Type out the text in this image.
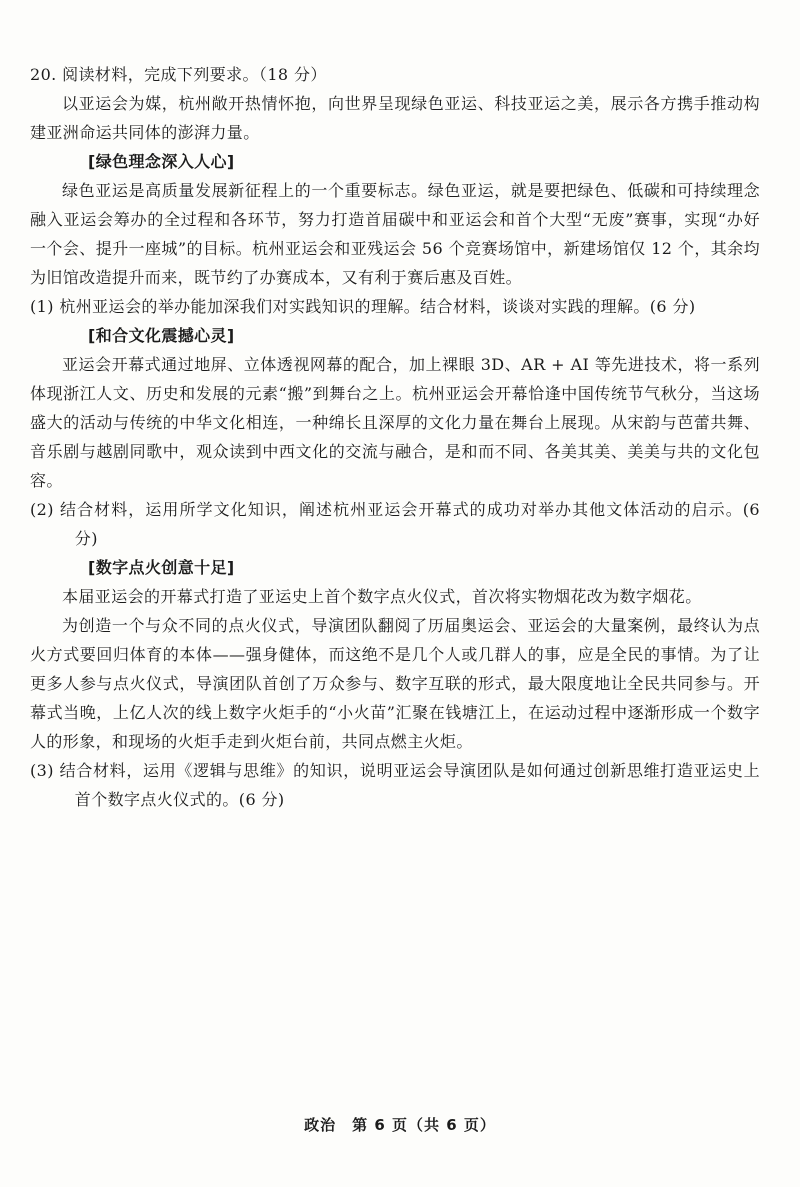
20. 阅读材料，完成下列要求。（18 分）

以亚运会为媒，杭州敞开热情怀抱，向世界呈现绿色亚运、科技亚运之美，展示各方携手推动构建亚洲命运共同体的澎湃力量。

[绿色理念深入人心]

绿色亚运是高质量发展新征程上的一个重要标志。绿色亚运，就是要把绿色、低碳和可持续理念融入亚运会筹办的全过程和各环节，努力打造首届碳中和亚运会和首个大型“无废”赛事，实现“办好一个会、提升一座城”的目标。杭州亚运会和亚残运会 56 个竞赛场馆中，新建场馆仅 12 个，其余均为旧馆改造提升而来，既节约了办赛成本，又有利于赛后惠及百姓。

(1) 杭州亚运会的举办能加深我们对实践知识的理解。结合材料，谈谈对实践的理解。(6 分)

[和合文化震撼心灵]

亚运会开幕式通过地屏、立体透视网幕的配合，加上裸眼 3D、AR + AI 等先进技术，将一系列体现浙江人文、历史和发展的元素“搬”到舞台之上。杭州亚运会开幕恰逢中国传统节气秋分，当这场盛大的活动与传统的中华文化相连，一种绵长且深厚的文化力量在舞台上展现。从宋韵与芭蕾共舞、音乐剧与越剧同歌中，观众读到中西文化的交流与融合，是和而不同、各美其美、美美与共的文化包容。

(2) 结合材料，运用所学文化知识，阐述杭州亚运会开幕式的成功对举办其他文体活动的启示。(6 分)

[数字点火创意十足]

本届亚运会的开幕式打造了亚运史上首个数字点火仪式，首次将实物烟花改为数字烟花。

为创造一个与众不同的点火仪式，导演团队翻阅了历届奥运会、亚运会的大量案例，最终认为点火方式要回归体育的本体——强身健体，而这绝不是几个人或几群人的事，应是全民的事情。为了让更多人参与点火仪式，导演团队首创了万众参与、数字互联的形式，最大限度地让全民共同参与。开幕式当晚，上亿人次的线上数字火炬手的“小火苗”汇聚在钱塘江上，在运动过程中逐渐形成一个数字人的形象，和现场的火炬手走到火炬台前，共同点燃主火炬。

(3) 结合材料，运用《逻辑与思维》的知识，说明亚运会导演团队是如何通过创新思维打造亚运史上首个数字点火仪式的。(6 分)

政治　第 6 页（共 6 页）
